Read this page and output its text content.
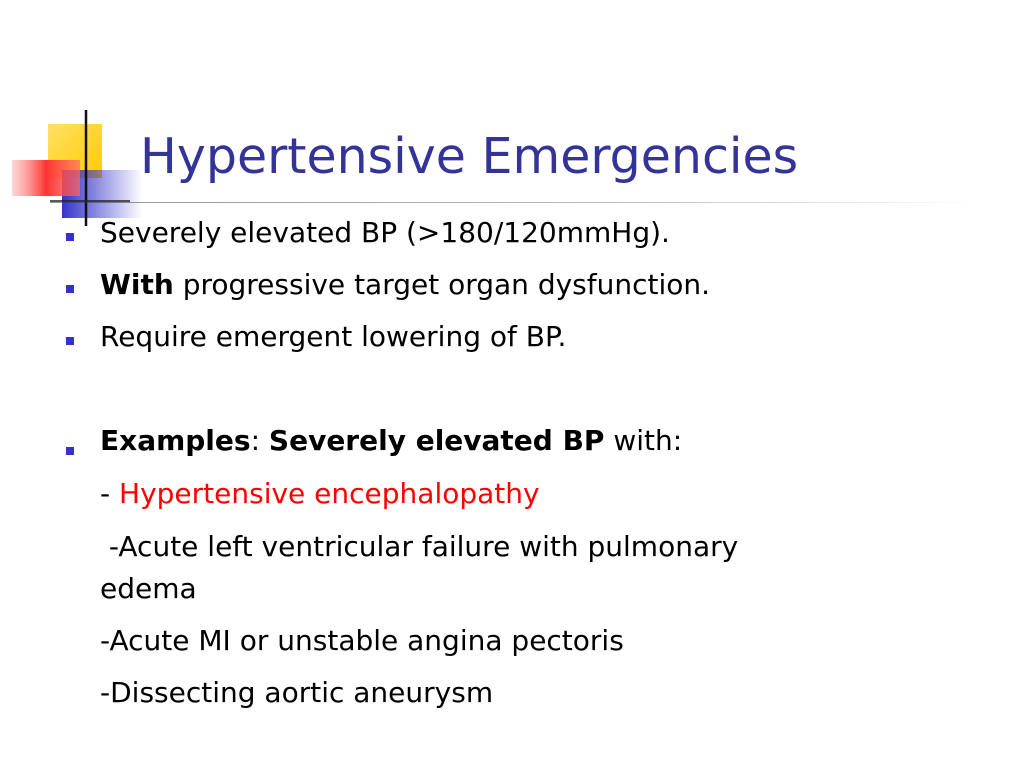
Hypertensive Emergencies

Severely elevated BP (>180/120mmHg).

With progressive target organ dysfunction.

Require emergent lowering of BP.

Examples: Severely elevated BP with:

- Hypertensive encephalopathy

-Acute left ventricular failure with pulmonary

edema

-Acute MI or unstable angina pectoris

-Dissecting aortic aneurysm
